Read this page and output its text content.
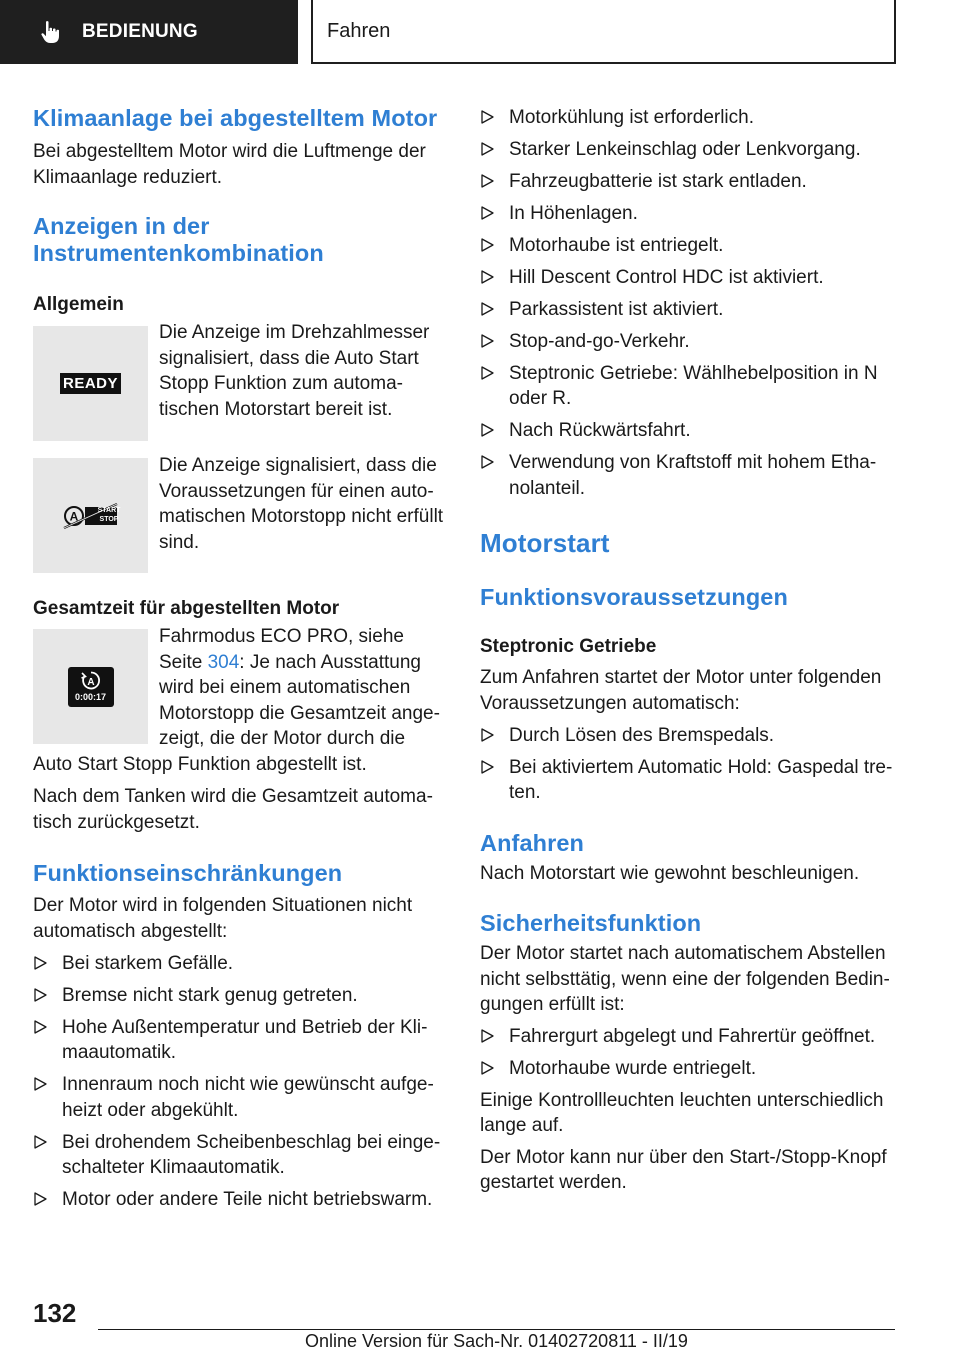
BEDIENUNG	Fahren
Klimaanlage bei abgestelltem Motor

Bei abgestelltem Motor wird die Luftmenge der Klimaanlage reduziert.

Anzeigen in der
Instrumentenkombination
Allgemein
READY
Die Anzeige im Drehzahlmesser signalisiert, dass die Auto Start Stopp Funktion zum automatischen Motorstart bereit ist.
A	START
STOP
Die Anzeige signalisiert, dass die Voraussetzungen für einen automatischen Motorstopp nicht erfüllt sind.
Gesamtzeit für abgestellten Motor
A
0:00:17
Fahrmodus ECO PRO, siehe Seite 304: Je nach Ausstattung wird bei einem automatischen Motorstopp die Gesamtzeit angezeigt, die der Motor durch die

Auto Start Stopp Funktion abgestellt ist.

Nach dem Tanken wird die Gesamtzeit automatisch zurückgesetzt.

Funktionseinschränkungen

Der Motor wird in folgenden Situationen nicht automatisch abgestellt:

Bei starkem Gefälle.
Bremse nicht stark genug getreten.
Hohe Außentemperatur und Betrieb der Klimaautomatik.
Innenraum noch nicht wie gewünscht aufgeheizt oder abgekühlt.
Bei drohendem Scheibenbeschlag bei eingeschalteter Klimaautomatik.
Motor oder andere Teile nicht betriebswarm.
Motorkühlung ist erforderlich.
Starker Lenkeinschlag oder Lenkvorgang.
Fahrzeugbatterie ist stark entladen.
In Höhenlagen.
Motorhaube ist entriegelt.
Hill Descent Control HDC ist aktiviert.
Parkassistent ist aktiviert.
Stop-and-go-Verkehr.
Steptronic Getriebe: Wählhebelposition in N oder R.
Nach Rückwärtsfahrt.
Verwendung von Kraftstoff mit hohem Ethanolanteil.
Motorstart
Funktionsvoraussetzungen
Steptronic Getriebe

Zum Anfahren startet der Motor unter folgenden Voraussetzungen automatisch:

Durch Lösen des Bremspedals.
Bei aktiviertem Automatic Hold: Gaspedal treten.
Anfahren

Nach Motorstart wie gewohnt beschleunigen.

Sicherheitsfunktion

Der Motor startet nach automatischem Abstellen nicht selbsttätig, wenn eine der folgenden Bedingungen erfüllt ist:

Fahrergurt abgelegt und Fahrertür geöffnet.
Motorhaube wurde entriegelt.

Einige Kontrollleuchten leuchten unterschiedlich lange auf.

Der Motor kann nur über den Start-/Stopp-Knopf gestartet werden.

132
Online Version für Sach-Nr. 01402720811 - II/19
